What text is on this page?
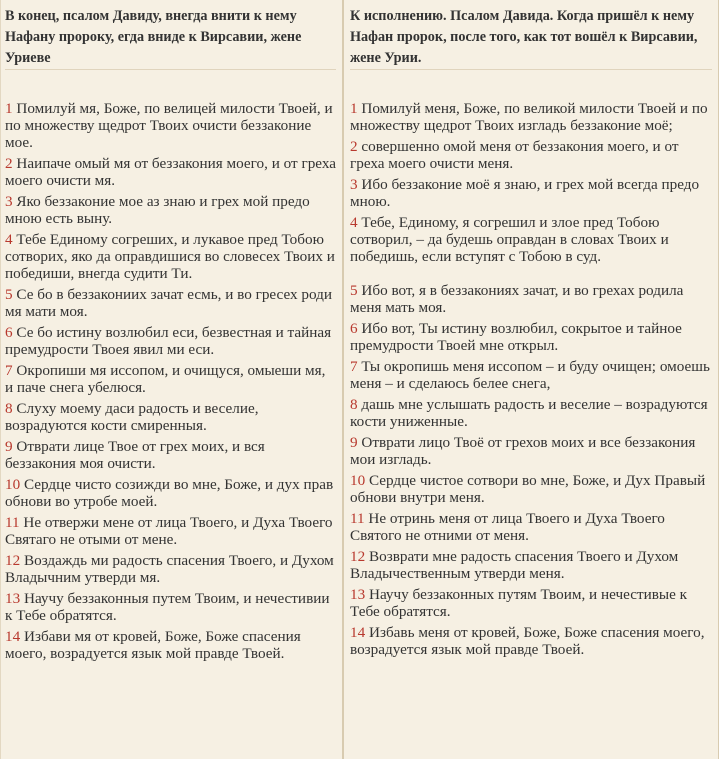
В конец, псалом Давиду, внегда внити к нему Нафану пророку, егда вниде к Вирсавии, жене Уриеве

1 Помилуй мя, Боже, по велицей милости Твоей, и по множеству щедрот Твоих очисти беззаконие мое.

2 Наипаче омый мя от беззакония моего, и от греха моего очисти мя.

3 Яко беззаконие мое аз знаю и грех мой предо мною есть выну.

4 Тебе Единому согреших, и лукавое пред Тобою сотворих, яко да оправдишися во словесех Твоих и победиши, внегда судити Ти.

5 Се бо в беззакониих зачат есмь, и во гресех роди мя мати моя.

6 Се бо истину возлюбил еси, безвестная и тайная премудрости Твоея явил ми еси.

7 Окропиши мя иссопом, и очищуся, омыеши мя, и паче снега убелюся.

8 Слуху моему даси радость и веселие, возрадуются кости смиренныя.

9 Отврати лице Твое от грех моих, и вся беззакония моя очисти.

10 Сердце чисто созижди во мне, Боже, и дух прав обнови во утробе моей.

11 Не отвержи мене от лица Твоего, и Духа Твоего Святаго не отыми от мене.

12 Воздаждь ми радость спасения Твоего, и Духом Владычним утверди мя.

13 Научу беззаконныя путем Твоим, и нечестивии к Тебе обратятся.

14 Избави мя от кровей, Боже, Боже спасения моего, возрадуется язык мой правде Твоей.

К исполнению. Псалом Давида. Когда пришёл к нему Нафан пророк, после того, как тот вошёл к Вирсавии, жене Урии.

1 Помилуй меня, Боже, по великой милости Твоей и по множеству щедрот Твоих изгладь беззаконие моё;

2 совершенно омой меня от беззакония моего, и от греха моего очисти меня.

3 Ибо беззаконие моё я знаю, и грех мой всегда предо мною.

4 Тебе, Единому, я согрешил и злое пред Тобою сотворил, – да будешь оправдан в словах Твоих и победишь, если вступят с Тобою в суд.

5 Ибо вот, я в беззакониях зачат, и во грехах родила меня мать моя.

6 Ибо вот, Ты истину возлюбил, сокрытое и тайное премудрости Твоей мне открыл.

7 Ты окропишь меня иссопом – и буду очищен; омоешь меня – и сделаюсь белее снега,

8 дашь мне услышать радость и веселие – возрадуются кости униженные.

9 Отврати лицо Твоё от грехов моих и все беззакония мои изгладь.

10 Сердце чистое сотвори во мне, Боже, и Дух Правый обнови внутри меня.

11 Не отринь меня от лица Твоего и Духа Твоего Святого не отними от меня.

12 Возврати мне радость спасения Твоего и Духом Владычественным утверди меня.

13 Научу беззаконных путям Твоим, и нечестивые к Тебе обратятся.

14 Избавь меня от кровей, Боже, Боже спасения моего, возрадуется язык мой правде Твоей.
